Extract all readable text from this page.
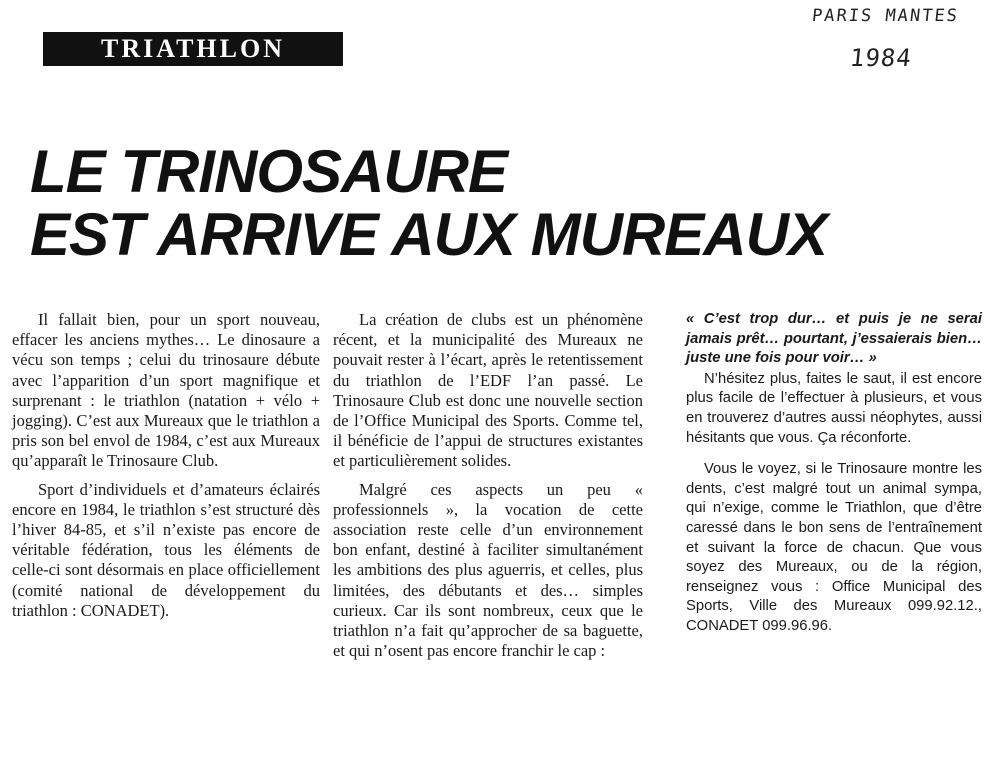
PARIS MANTES
1984
TRIATHLON
LE TRINOSAURE
EST ARRIVE AUX MUREAUX

Il fallait bien, pour un sport nouveau, effacer les anciens mythes… Le dinosaure a vécu son temps ; celui du trinosaure débute avec l’apparition d’un sport magnifique et surprenant : le triathlon (natation + vélo + jogging). C’est aux Mureaux que le triathlon a pris son bel envol de 1984, c’est aux Mureaux qu’apparaît le Trinosaure Club.

Sport d’individuels et d’amateurs éclairés encore en 1984, le triathlon s’est structuré dès l’hiver 84-85, et s’il n’existe pas encore de véritable fédération, tous les éléments de celle-ci sont désormais en place officiellement (comité national de développement du triathlon : CONADET).

La création de clubs est un phénomène récent, et la municipalité des Mureaux ne pouvait rester à l’écart, après le retentissement du triathlon de l’EDF l’an passé. Le Trinosaure Club est donc une nouvelle section de l’Office Municipal des Sports. Comme tel, il bénéficie de l’appui de structures existantes et particulièrement solides.

Malgré ces aspects un peu « professionnels », la vocation de cette association reste celle d’un environnement bon enfant, destiné à faciliter simultanément les ambitions des plus aguerris, et celles, plus limitées, des débutants et des… simples curieux. Car ils sont nombreux, ceux que le triathlon n’a fait qu’approcher de sa baguette, et qui n’osent pas encore franchir le cap :

« C’est trop dur… et puis je ne serai jamais prêt… pourtant, j’essaierais bien… juste une fois pour voir… »

N’hésitez plus, faites le saut, il est encore plus facile de l’effectuer à plusieurs, et vous en trouverez d’autres aussi néophytes, aussi hésitants que vous. Ça réconforte.

Vous le voyez, si le Trinosaure montre les dents, c’est malgré tout un animal sympa, qui n’exige, comme le Triathlon, que d’être caressé dans le bon sens de l’entraînement et suivant la force de chacun. Que vous soyez des Mureaux, ou de la région, renseignez vous : Office Municipal des Sports, Ville des Mureaux 099.92.12., CONADET 099.96.96.
